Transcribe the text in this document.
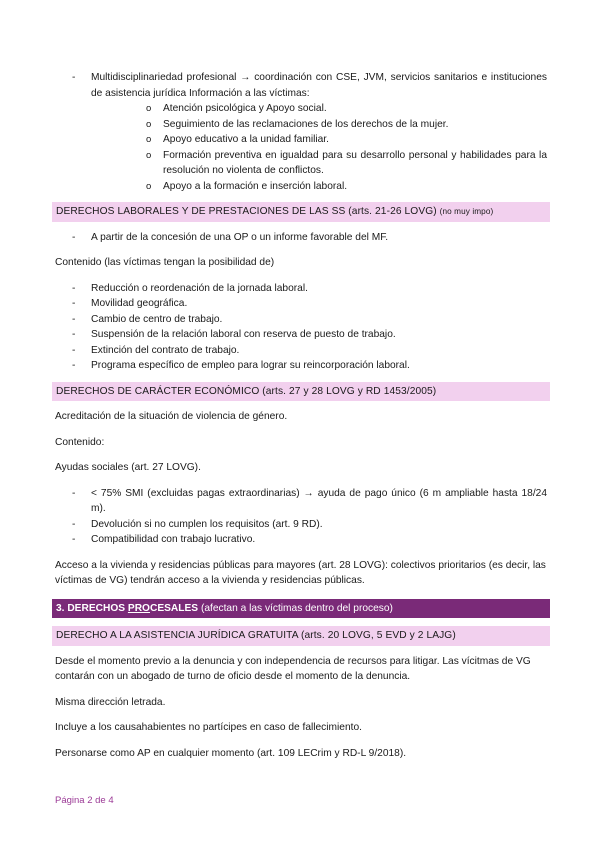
- Multidisciplinariedad profesional → coordinación con CSE, JVM, servicios sanitarios e instituciones de asistencia jurídica Información a las víctimas:
o Atención psicológica y Apoyo social.
o Seguimiento de las reclamaciones de los derechos de la mujer.
o Apoyo educativo a la unidad familiar.
o Formación preventiva en igualdad para su desarrollo personal y habilidades para la resolución no violenta de conflictos.
o Apoyo a la formación e inserción laboral.
DERECHOS LABORALES Y DE PRESTACIONES DE LAS SS (arts. 21-26 LOVG) (no muy impo)
- A partir de la concesión de una OP o un informe favorable del MF.

Contenido (las víctimas tengan la posibilidad de)

- Reducción o reordenación de la jornada laboral.
- Movilidad geográfica.
- Cambio de centro de trabajo.
- Suspensión de la relación laboral con reserva de puesto de trabajo.
- Extinción del contrato de trabajo.
- Programa específico de empleo para lograr su reincorporación laboral.
DERECHOS DE CARÁCTER ECONÓMICO (arts. 27 y 28 LOVG y RD 1453/2005)

Acreditación de la situación de violencia de género.

Contenido:

Ayudas sociales (art. 27 LOVG).

- < 75% SMI (excluidas pagas extraordinarias) → ayuda de pago único (6 m ampliable hasta 18/24 m).
- Devolución si no cumplen los requisitos (art. 9 RD).
- Compatibilidad con trabajo lucrativo.

Acceso a la vivienda y residencias públicas para mayores (art. 28 LOVG): colectivos prioritarios (es decir, las víctimas de VG) tendrán acceso a la vivienda y residencias públicas.

3. DERECHOS PROCESALES (afectan a las víctimas dentro del proceso)
DERECHO A LA ASISTENCIA JURÍDICA GRATUITA (arts. 20 LOVG, 5 EVD y 2 LAJG)

Desde el momento previo a la denuncia y con independencia de recursos para litigar. Las vícitmas de VG contarán con un abogado de turno de oficio desde el momento de la denuncia.

Misma dirección letrada.

Incluye a los causahabientes no partícipes en caso de fallecimiento.

Personarse como AP en cualquier momento (art. 109 LECrim y RD-L 9/2018).

Página 2 de 4
